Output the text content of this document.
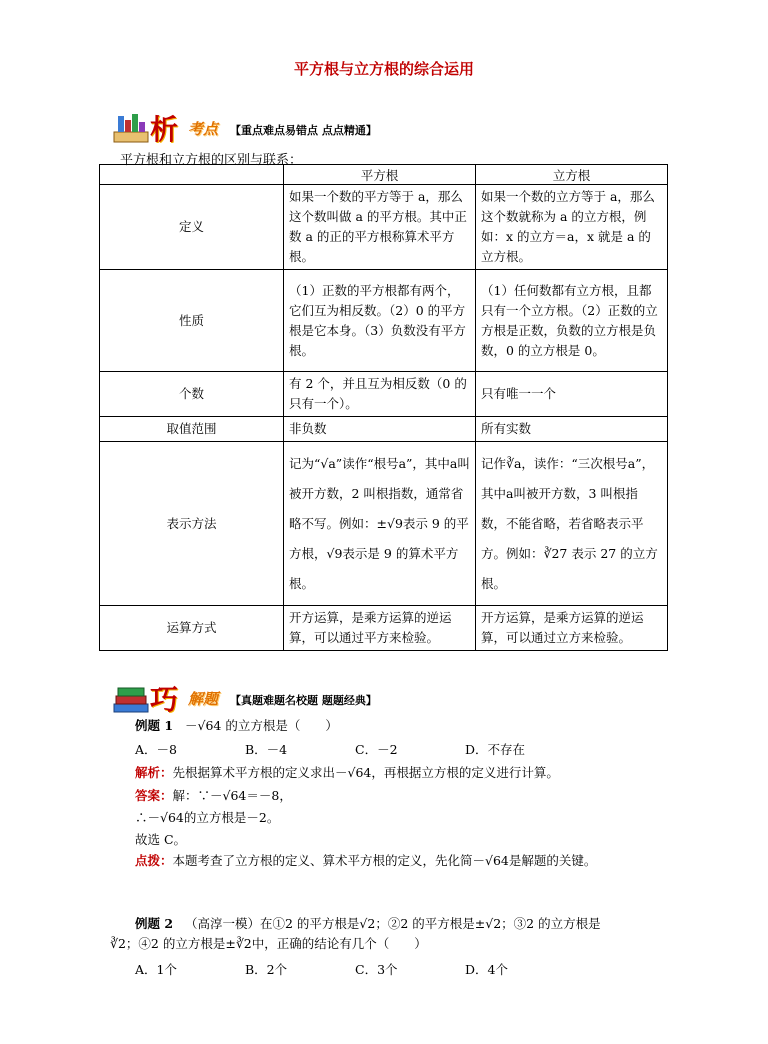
平方根与立方根的综合运用
析 考点 【重点难点易错点 点点精通】
平方根和立方根的区别与联系：
	平方根	立方根
定义	如果一个数的平方等于 a，那么这个数叫做 a 的平方根。其中正数 a 的正的平方根称算术平方根。	如果一个数的立方等于 a，那么这个数就称为 a 的立方根，例如：x 的立方＝a，x 就是 a 的立方根。
性质	（1）正数的平方根都有两个，它们互为相反数。（2）0 的平方根是它本身。（3）负数没有平方根。	（1）任何数都有立方根，且都只有一个立方根。（2）正数的立方根是正数，负数的立方根是负数，0 的立方根是 0。
个数	有 2 个，并且互为相反数（0 的只有一个）。	只有唯一一个
取值范围	非负数	所有实数
表示方法	记为“√a”读作“根号a”，其中a叫被开方数，2 叫根指数，通常省略不写。例如：±√9表示 9 的平方根，√9表示是 9 的算术平方根。	记作∛a，读作：“三次根号a”，其中a叫被开方数，3 叫根指数，不能省略，若省略表示平方。例如：∛27 表示 27 的立方根。
运算方式	开方运算，是乘方运算的逆运算，可以通过平方来检验。	开方运算，是乘方运算的逆运算，可以通过立方来检验。
巧 解题 【真题难题名校题 题题经典】
例题 1 －√64 的立方根是（　　）
A．－8	B．－4	C．－2	D．不存在
解析：先根据算术平方根的定义求出－√64，再根据立方根的定义进行计算。
答案：解：∵－√64＝－8，
∴－√64的立方根是－2。
故选 C。
点拨：本题考查了立方根的定义、算术平方根的定义，先化简－√64是解题的关键。
例题 2 （高淳一模）在①2 的平方根是√2；②2 的平方根是±√2；③2 的立方根是
∛2；④2 的立方根是±∛2中，正确的结论有几个（　　）
A．1个	B．2个	C．3个	D．4个
